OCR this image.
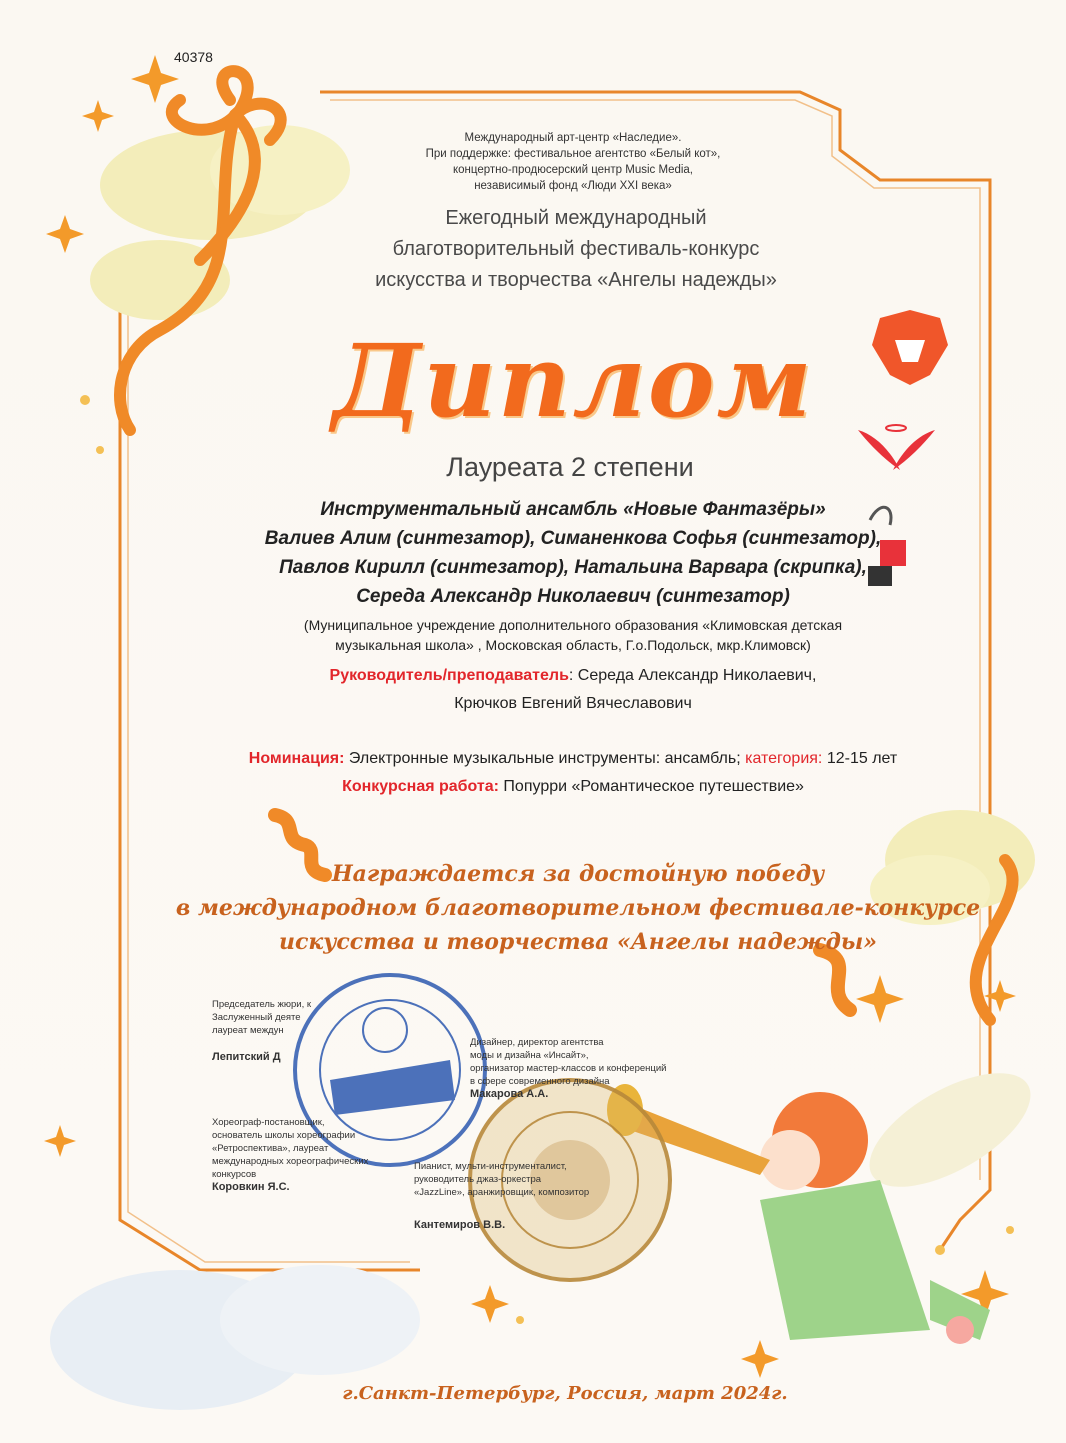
40378
Международный арт-центр «Наследие».
При поддержке: фестивальное агентство «Белый кот»,
концертно-продюсерский центр Music Media,
независимый фонд «Люди XXI века»
Ежегодный международный
благотворительный фестиваль-конкурс
искусства и творчества «Ангелы надежды»
Диплом
Лауреата 2 степени
Инструментальный ансамбль «Новые Фантазёры»
Валиев Алим (синтезатор), Симаненкова Софья (синтезатор),
Павлов Кирилл (синтезатор), Натальина Варвара (скрипка),
Середа Александр Николаевич (синтезатор)
(Муниципальное учреждение дополнительного образования «Климовская детская
музыкальная школа» , Московская область, Г.о.Подольск, мкр.Климовск)
Руководитель/преподаватель: Середа Александр Николаевич,
Крючков Евгений Вячеславович
Номинация: Электронные музыкальные инструменты: ансамбль; категория: 12-15 лет
Конкурсная работа: Попурри «Романтическое путешествие»
Награждается за достойную победу
в международном благотворительном фестивале-конкурсе
искусства и творчества «Ангелы надежды»
Председатель жюри, к
Заслуженный деяте
лауреат междун
Лепитский Д
Дизайнер, директор агентства
моды и дизайна «Инсайт»,
организатор мастер-классов и конференций
в сфере современного дизайна
Макарова А.А.
Хореограф-постановщик,
основатель школы хореографии
«Ретроспектива», лауреат
международных хореографических
конкурсов
Коровкин Я.С.
Пианист, мульти-инструменталист,
руководитель джаз-оркестра
«JazzLine», аранжировщик, композитор
Кантемиров В.В.
г.Санкт-Петербург, Россия, март 2024г.
